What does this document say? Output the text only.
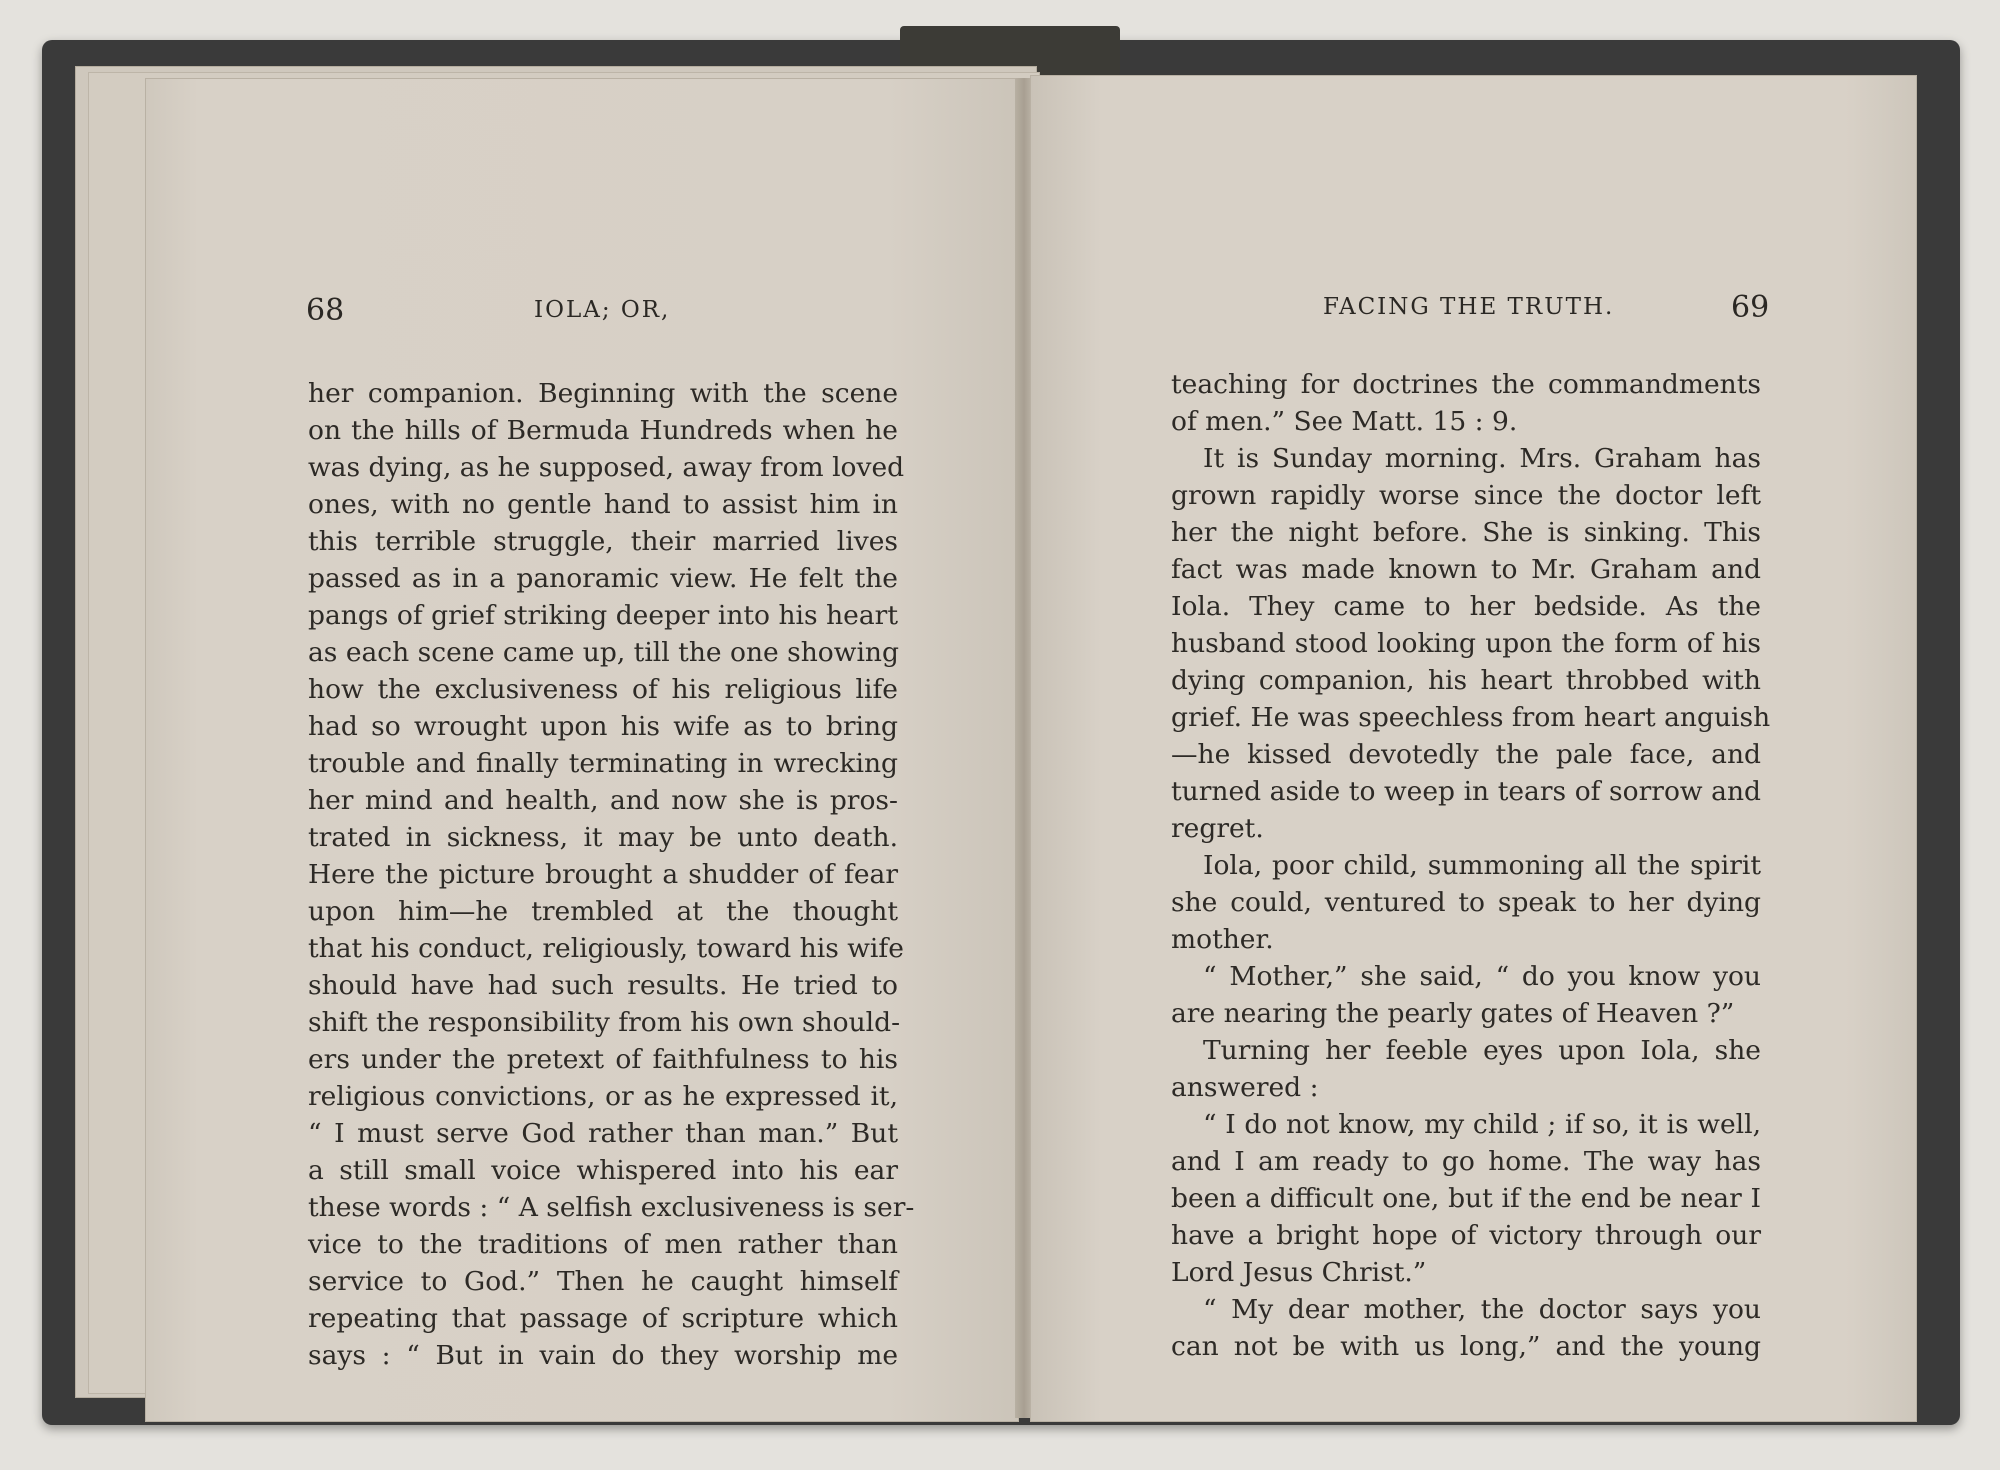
68	IOLA; OR,
her companion. Beginning with the scene
on the hills of Bermuda Hundreds when he
was dying, as he supposed, away from loved
ones, with no gentle hand to assist him in
this terrible struggle, their married lives
passed as in a panoramic view. He felt the
pangs of grief striking deeper into his heart
as each scene came up, till the one showing
how the exclusiveness of his religious life
had so wrought upon his wife as to bring
trouble and finally terminating in wrecking
her mind and health, and now she is pros-
trated in sickness, it may be unto death.
Here the picture brought a shudder of fear
upon him—he trembled at the thought
that his conduct, religiously, toward his wife
should have had such results. He tried to
shift the responsibility from his own should-
ers under the pretext of faithfulness to his
religious convictions, or as he expressed it,
“ I must serve God rather than man.” But
a still small voice whispered into his ear
these words : “ A selfish exclusiveness is ser-
vice to the traditions of men rather than
service to God.” Then he caught himself
repeating that passage of scripture which
says : “ But in vain do they worship me
FACING THE TRUTH.	69
teaching for doctrines the commandments
of men.” See Matt. 15 : 9.
It is Sunday morning. Mrs. Graham has
grown rapidly worse since the doctor left
her the night before. She is sinking. This
fact was made known to Mr. Graham and
Iola. They came to her bedside. As the
husband stood looking upon the form of his
dying companion, his heart throbbed with
grief. He was speechless from heart anguish
—he kissed devotedly the pale face, and
turned aside to weep in tears of sorrow and
regret.
Iola, poor child, summoning all the spirit
she could, ventured to speak to her dying
mother.
“ Mother,” she said, “ do you know you
are nearing the pearly gates of Heaven ?”
Turning her feeble eyes upon Iola, she
answered :
“ I do not know, my child ; if so, it is well,
and I am ready to go home. The way has
been a difficult one, but if the end be near I
have a bright hope of victory through our
Lord Jesus Christ.”
“ My dear mother, the doctor says you
can not be with us long,” and the young
